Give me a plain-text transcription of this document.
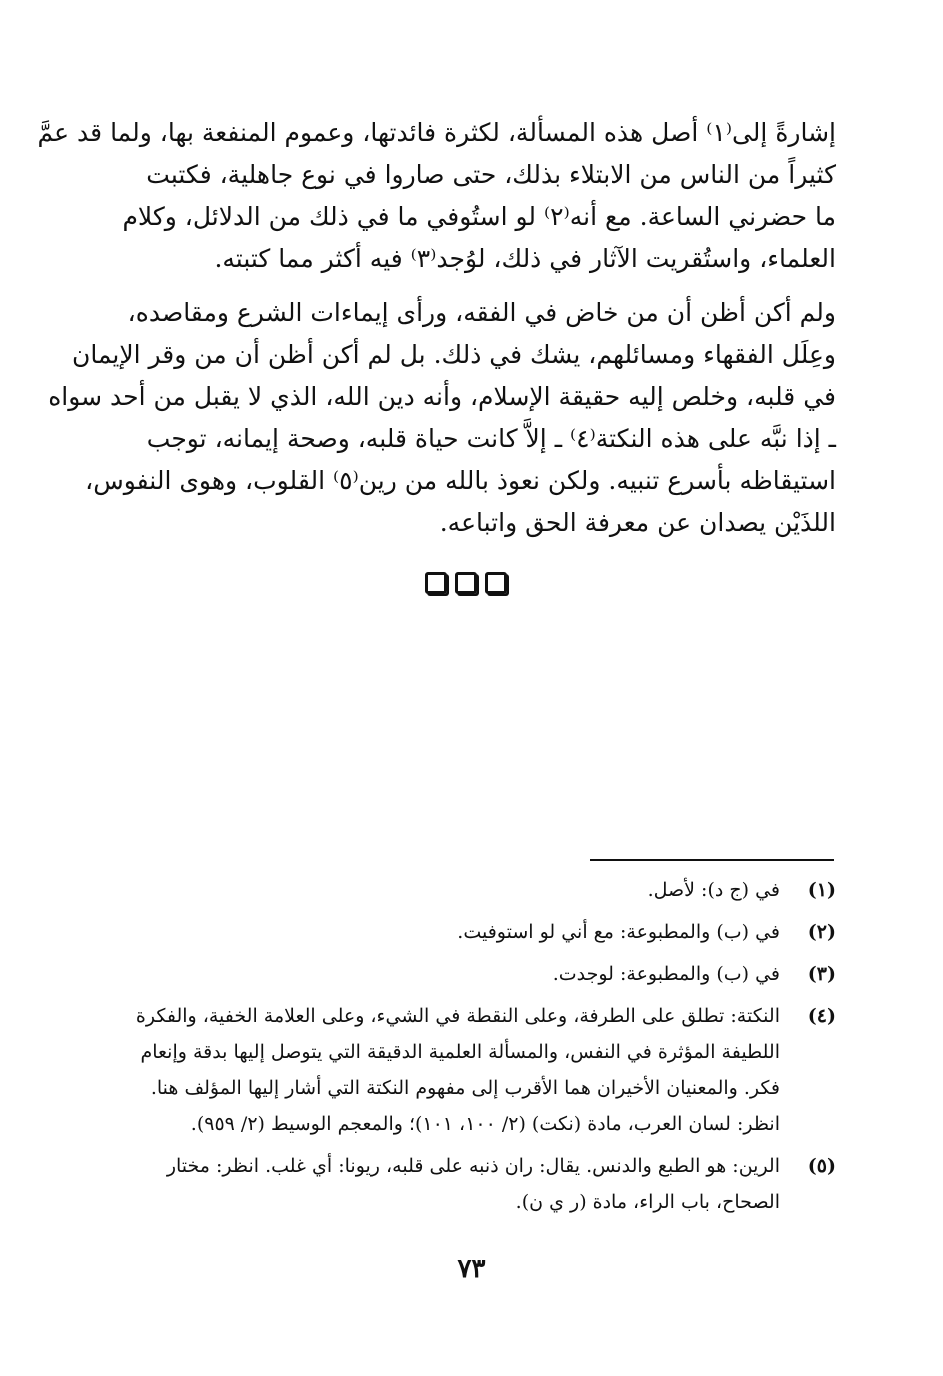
إشارةً إلى⁽١⁾ أصل هذه المسألة، لكثرة فائدتها، وعموم المنفعة بها، ولما قد عمَّ
كثيراً من الناس من الابتلاء بذلك، حتى صاروا في نوع جاهلية، فكتبت
ما حضرني الساعة. مع أنه⁽٢⁾ لو استُوفي ما في ذلك من الدلائل، وكلام
العلماء، واستُقريت الآثار في ذلك، لوُجد⁽٣⁾ فيه أكثر مما كتبته.
ولم أكن أظن أن من خاض في الفقه، ورأى إيماءات الشرع ومقاصده،
وعِلَل الفقهاء ومسائلهم، يشك في ذلك. بل لم أكن أظن أن من وقر الإيمان
في قلبه، وخلص إليه حقيقة الإسلام، وأنه دين الله، الذي لا يقبل من أحد سواه
ـ إذا نبَّه على هذه النكتة⁽٤⁾ ـ إلاَّ كانت حياة قلبه، وصحة إيمانه، توجب
استيقاظه بأسرع تنبيه. ولكن نعوذ بالله من رين⁽٥⁾ القلوب، وهوى النفوس،
اللذَيْن يصدان عن معرفة الحق واتباعه.
(١)
في (ج د): لأصل.
(٢)
في (ب) والمطبوعة: مع أني لو استوفيت.
(٣)
في (ب) والمطبوعة: لوجدت.
(٤)
النكتة: تطلق على الطرفة، وعلى النقطة في الشيء، وعلى العلامة الخفية، والفكرة
اللطيفة المؤثرة في النفس، والمسألة العلمية الدقيقة التي يتوصل إليها بدقة وإنعام
فكر. والمعنيان الأخيران هما الأقرب إلى مفهوم النكتة التي أشار إليها المؤلف هنا.
انظر: لسان العرب، مادة (نكت) (٢/ ١٠٠، ١٠١)؛ والمعجم الوسيط (٢/ ٩٥٩).
(٥)
الرين: هو الطبع والدنس. يقال: ران ذنبه على قلبه، ريونا: أي غلب. انظر: مختار
الصحاح، باب الراء، مادة (ر ي ن).
٧٣
